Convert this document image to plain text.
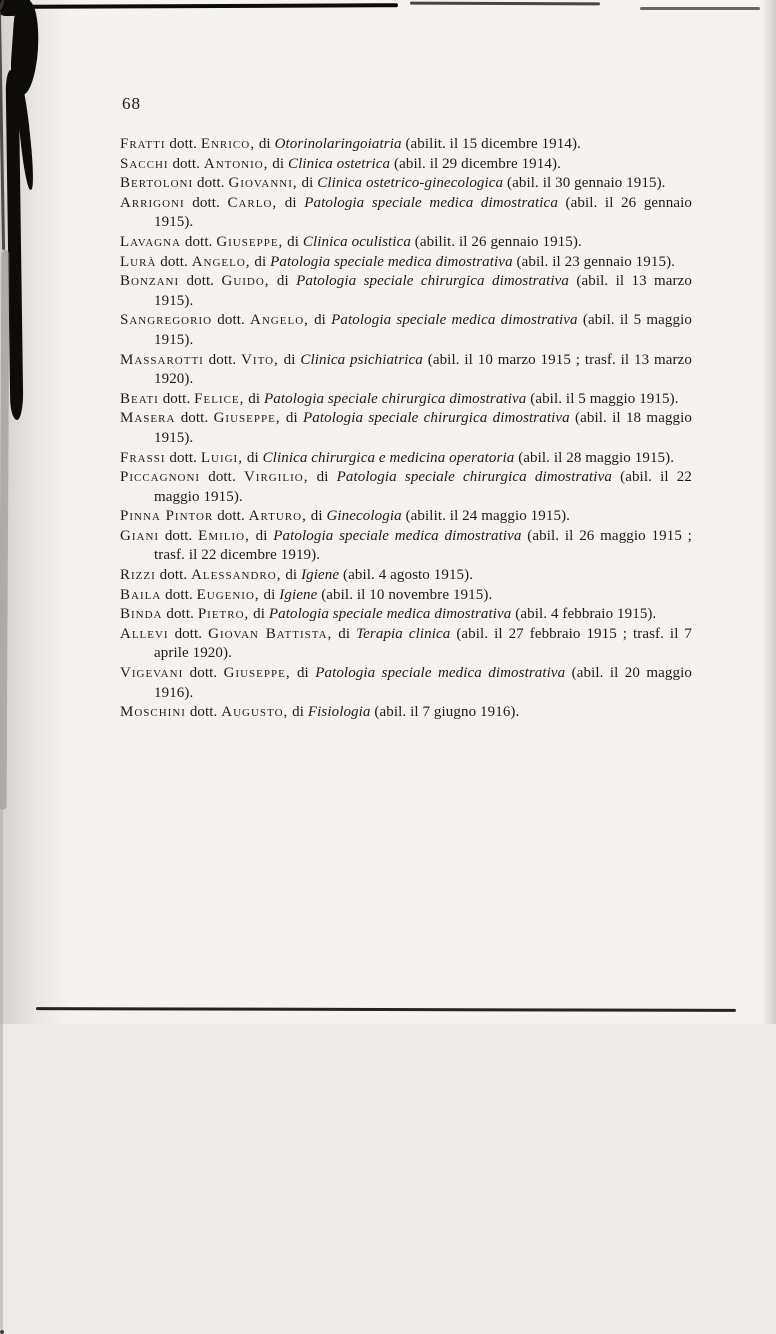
68

Fratti dott. Enrico, di Otorinolaringoiatria (abilit. il 15 dicembre 1914).

Sacchi dott. Antonio, di Clinica ostetrica (abil. il 29 dicembre 1914).

Bertoloni dott. Giovanni, di Clinica ostetrico-ginecologica (abil. il 30 gennaio 1915).

Arrigoni dott. Carlo, di Patologia speciale medica dimostratica (abil. il 26 gennaio 1915).

Lavagna dott. Giuseppe, di Clinica oculistica (abilit. il 26 gennaio 1915).

Lurà dott. Angelo, di Patologia speciale medica dimostrativa (abil. il 23 gennaio 1915).

Bonzani dott. Guido, di Patologia speciale chirurgica dimostrativa (abil. il 13 marzo 1915).

Sangregorio dott. Angelo, di Patologia speciale medica dimostrativa (abil. il 5 maggio 1915).

Massarotti dott. Vito, di Clinica psichiatrica (abil. il 10 marzo 1915 ; trasf. il 13 marzo 1920).

Beati dott. Felice, di Patologia speciale chirurgica dimostrativa (abil. il 5 maggio 1915).

Masera dott. Giuseppe, di Patologia speciale chirurgica dimostrativa (abil. il 18 maggio 1915).

Frassi dott. Luigi, di Clinica chirurgica e medicina operatoria (abil. il 28 maggio 1915).

Piccagnoni dott. Virgilio, di Patologia speciale chirurgica dimostrativa (abil. il 22 maggio 1915).

Pinna Pintor dott. Arturo, di Ginecologia (abilit. il 24 maggio 1915).

Giani dott. Emilio, di Patologia speciale medica dimostrativa (abil. il 26 maggio 1915 ; trasf. il 22 dicembre 1919).

Rizzi dott. Alessandro, di Igiene (abil. 4 agosto 1915).

Baila dott. Eugenio, di Igiene (abil. il 10 novembre 1915).

Binda dott. Pietro, di Patologia speciale medica dimostrativa (abil. 4 febbraio 1915).

Allevi dott. Giovan Battista, di Terapia clinica (abil. il 27 febbraio 1915 ; trasf. il 7 aprile 1920).

Vigevani dott. Giuseppe, di Patologia speciale medica dimostrativa (abil. il 20 maggio 1916).

Moschini dott. Augusto, di Fisiologia (abil. il 7 giugno 1916).
